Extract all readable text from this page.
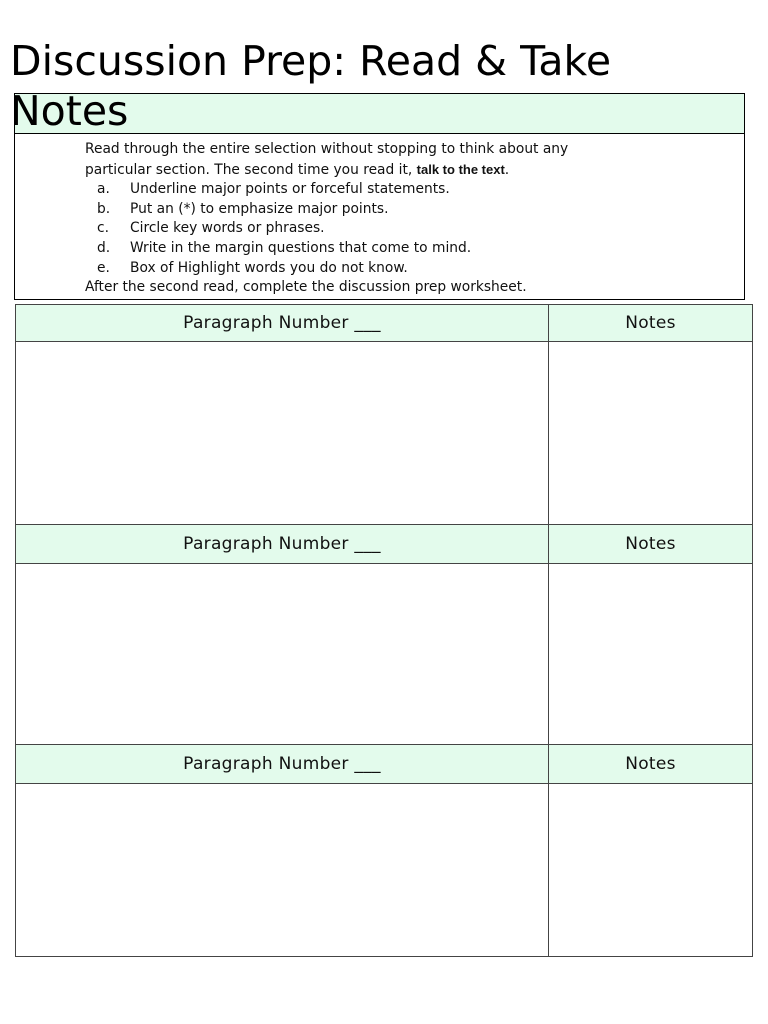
Discussion Prep: Read & Take Notes

Read through the entire selection without stopping to think about any

particular section. The second time you read it, talk to the text.

a.	Underline major points or forceful statements.
b.	Put an (*) to emphasize major points.
c.	Circle key words or phrases.
d.	Write in the margin questions that come to mind.
e.	Box of Highlight words you do not know.

After the second read, complete the discussion prep worksheet.

Paragraph Number ___	Notes

Paragraph Number ___	Notes

Paragraph Number ___	Notes
